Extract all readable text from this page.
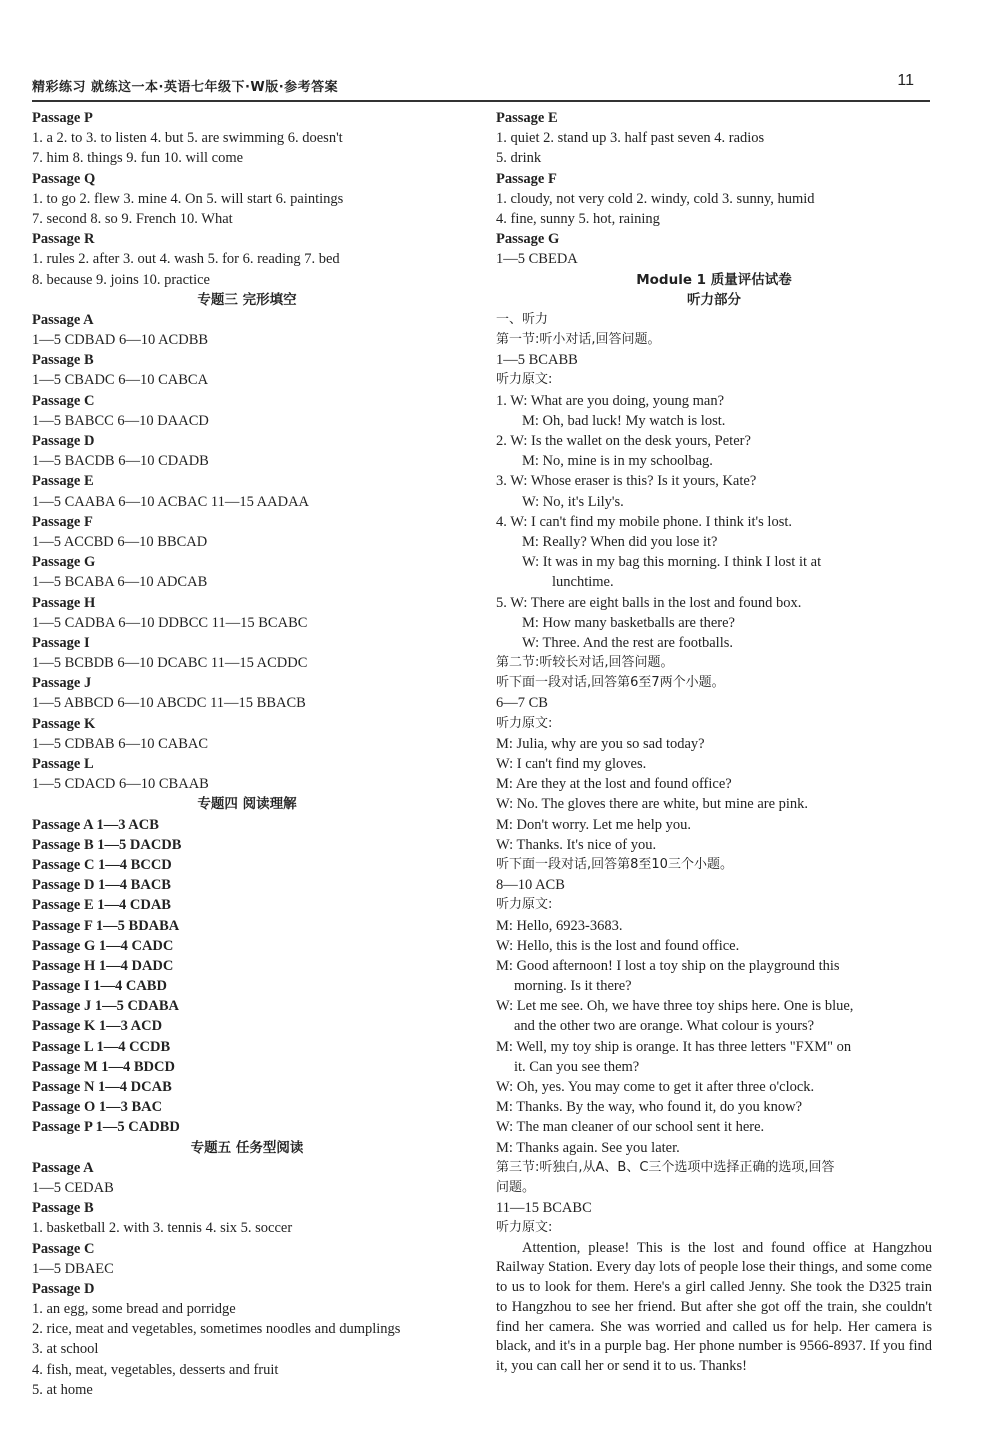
精彩练习 就练这一本·英语七年级下·W版·参考答案	11
Passage P
1. a 2. to 3. to listen 4. but 5. are swimming 6. doesn't
7. him 8. things 9. fun 10. will come
Passage Q
1. to go 2. flew 3. mine 4. On 5. will start 6. paintings
7. second 8. so 9. French 10. What
Passage R
1. rules 2. after 3. out 4. wash 5. for 6. reading 7. bed
8. because 9. joins 10. practice
专题三 完形填空
Passage A
1—5 CDBAD 6—10 ACDBB
Passage B
1—5 CBADC 6—10 CABCA
Passage C
1—5 BABCC 6—10 DAACD
Passage D
1—5 BACDB 6—10 CDADB
Passage E
1—5 CAABA 6—10 ACBAC 11—15 AADAA
Passage F
1—5 ACCBD 6—10 BBCAD
Passage G
1—5 BCABA 6—10 ADCAB
Passage H
1—5 CADBA 6—10 DDBCC 11—15 BCABC
Passage I
1—5 BCBDB 6—10 DCABC 11—15 ACDDC
Passage J
1—5 ABBCD 6—10 ABCDC 11—15 BBACB
Passage K
1—5 CDBAB 6—10 CABAC
Passage L
1—5 CDACD 6—10 CBAAB
专题四 阅读理解
Passage A 1—3 ACB
Passage B 1—5 DACDB
Passage C 1—4 BCCD
Passage D 1—4 BACB
Passage E 1—4 CDAB
Passage F 1—5 BDABA
Passage G 1—4 CADC
Passage H 1—4 DADC
Passage I 1—4 CABD
Passage J 1—5 CDABA
Passage K 1—3 ACD
Passage L 1—4 CCDB
Passage M 1—4 BDCD
Passage N 1—4 DCAB
Passage O 1—3 BAC
Passage P 1—5 CADBD
专题五 任务型阅读
Passage A
1—5 CEDAB
Passage B
1. basketball 2. with 3. tennis 4. six 5. soccer
Passage C
1—5 DBAEC
Passage D
1. an egg, some bread and porridge
2. rice, meat and vegetables, sometimes noodles and dumplings
3. at school
4. fish, meat, vegetables, desserts and fruit
5. at home
Passage E
1. quiet 2. stand up 3. half past seven 4. radios
5. drink
Passage F
1. cloudy, not very cold 2. windy, cold 3. sunny, humid
4. fine, sunny 5. hot, raining
Passage G
1—5 CBEDA
Module 1 质量评估试卷
听力部分
一、听力
第一节:听小对话,回答问题。
1—5 BCABB
听力原文:
1. W: What are you doing, young man?
M: Oh, bad luck! My watch is lost.
2. W: Is the wallet on the desk yours, Peter?
M: No, mine is in my schoolbag.
3. W: Whose eraser is this? Is it yours, Kate?
W: No, it's Lily's.
4. W: I can't find my mobile phone. I think it's lost.
M: Really? When did you lose it?
W: It was in my bag this morning. I think I lost it at
lunchtime.
5. W: There are eight balls in the lost and found box.
M: How many basketballs are there?
W: Three. And the rest are footballs.
第二节:听较长对话,回答问题。
听下面一段对话,回答第6至7两个小题。
6—7 CB
听力原文:
M: Julia, why are you so sad today?
W: I can't find my gloves.
M: Are they at the lost and found office?
W: No. The gloves there are white, but mine are pink.
M: Don't worry. Let me help you.
W: Thanks. It's nice of you.
听下面一段对话,回答第8至10三个小题。
8—10 ACB
听力原文:
M: Hello, 6923-3683.
W: Hello, this is the lost and found office.
M: Good afternoon! I lost a toy ship on the playground this
morning. Is it there?
W: Let me see. Oh, we have three toy ships here. One is blue,
and the other two are orange. What colour is yours?
M: Well, my toy ship is orange. It has three letters "FXM" on
it. Can you see them?
W: Oh, yes. You may come to get it after three o'clock.
M: Thanks. By the way, who found it, do you know?
W: The man cleaner of our school sent it here.
M: Thanks again. See you later.
第三节:听独白,从A、B、C三个选项中选择正确的选项,回答
问题。
11—15 BCABC
听力原文:
Attention, please! This is the lost and found office at Hangzhou Railway Station. Every day lots of people lose their things, and some come to us to look for them. Here's a girl called Jenny. She took the D325 train to Hangzhou to see her friend. But after she got off the train, she couldn't find her camera. She was worried and called us for help. Her camera is black, and it's in a purple bag. Her phone number is 9566-8937. If you find it, you can call her or send it to us. Thanks!
